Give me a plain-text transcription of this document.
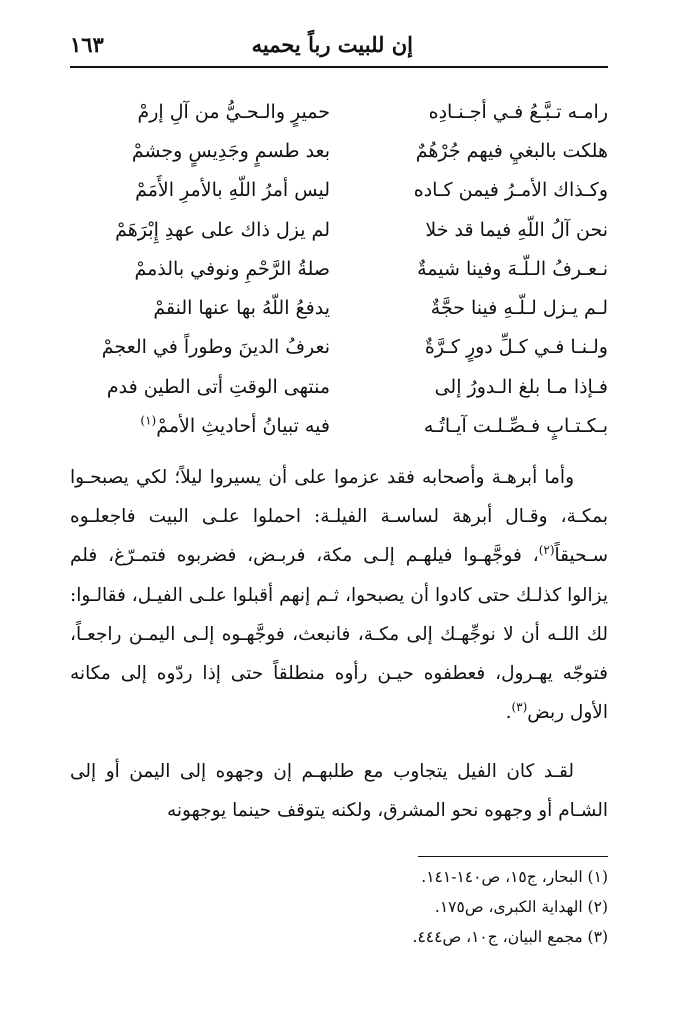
إن للبيت رباً يحميه
١٦٣
رامـه تـبَّـعُ فـي أجـنـادِه
حميرٍ والـحـيُّ من آلِ إرمْ
هلكت بالبغيِ فيهم جُرْهُمٌ
بعد طسمٍ وجَدِيسٍ وجشمْ
وكـذاك الأمـرُ فيمن كـاده
ليس أمرُ اللّهِ بالأمرِ الأَمَمْ
نحن آلُ اللّهِ فيما قد خلا
لم يزل ذاك على عهدِ إِبْرَهَمْ
نـعـرفُ الـلّـهَ وفينا شيمةٌ
صلةُ الرَّحْمِ ونوفي بالذممْ
لـم يـزل لـلّـهِ فينا حجَّةٌ
يدفعُ اللّهُ بها عنها النقمْ
ولـنـا فـي كـلِّ دورٍ كـرَّةٌ
نعرفُ الدينَ وطوراً في العجمْ
فـإذا مـا بلغ الـدورُ إلى
منتهى الوقتِ أتى الطين فدم
بـكـتـابٍ فـصِّـلـت آيـاتُـه
فيه تبيانُ أحاديثِ الأممْ$^{(١)}$

وأما أبرهـة وأصحابه فقد عزموا على أن يسيروا ليلاً؛ لكي يصبحـوا بمكـة، وقـال أبرهة لساسـة الفيلـة: احملوا علـى البيت فاجعلـوه سـحيقاً$^{(٢)}$، فوجَّهـوا فيلهـم إلـى مكة، فربـض، فضربوه فتمـرّغ، فلم يزالوا كذلـك حتى كادوا أن يصبحوا، ثـم إنهم أقبلوا علـى الفيـل، فقالـوا: لك اللـه أن لا نوجِّهـك إلى مكـة، فانبعث، فوجَّهـوه إلـى اليمـن راجعـاً، فتوجّه يهـرول، فعطفوه حيـن رأوه منطلقاً حتى إذا ردّوه إلى مكانه الأول ربض$^{(٣)}$.

لقـد كان الفيل يتجاوب مع طلبهـم إن وجهوه إلى اليمن أو إلى الشـام أو وجهوه نحو المشرق، ولكنه يتوقف حينما يوجهونه

(١) البحار، ج١٥، ص١٤٠-١٤١.
(٢) الهداية الكبرى، ص١٧٥.
(٣) مجمع البيان، ج١٠، ص٤٤٤.
